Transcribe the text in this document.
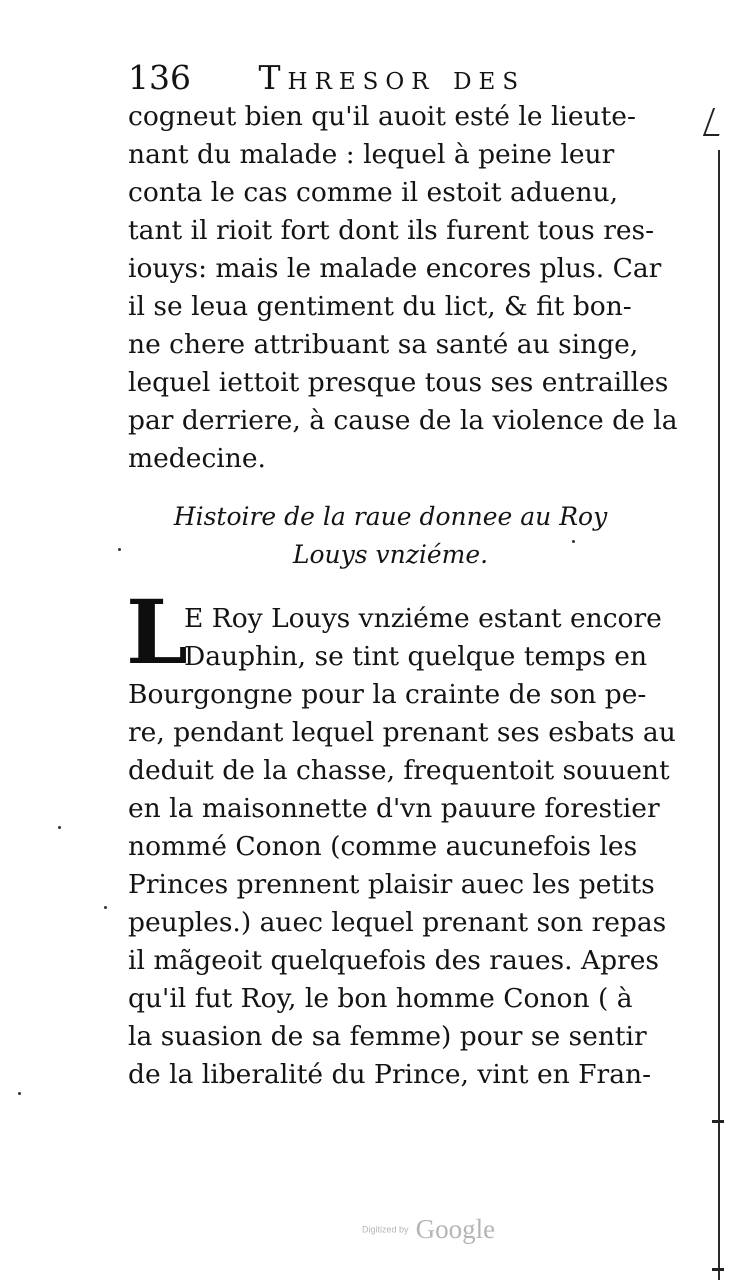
136 Thresor des
cogneut bien qu'il auoit esté le lieute-
nant du malade : lequel à peine leur
conta le cas comme il estoit aduenu,
tant il rioit fort dont ils furent tous res-
iouys: mais le malade encores plus. Car
il se leua gentiment du lict, & fit bon-
ne chere attribuant sa santé au singe,
lequel iettoit presque tous ses entrailles
par derriere, à cause de la violence de la
medecine.
Histoire de la raue donnee au Roy
Louys vnziéme.
L
E Roy Louys vnziéme estant encore
Dauphin, se tint quelque temps en
Bourgongne pour la crainte de son pe-
re, pendant lequel prenant ses esbats au
deduit de la chasse, frequentoit souuent
en la maisonnette d'vn pauure forestier
nommé Conon (comme aucunefois les
Princes prennent plaisir auec les petits
peuples.) auec lequel prenant son repas
il mãgeoit quelquefois des raues. Apres
qu'il fut Roy, le bon homme Conon ( à
la suasion de sa femme) pour se sentir
de la liberalité du Prince, vint en Fran-
Digitized by Google
